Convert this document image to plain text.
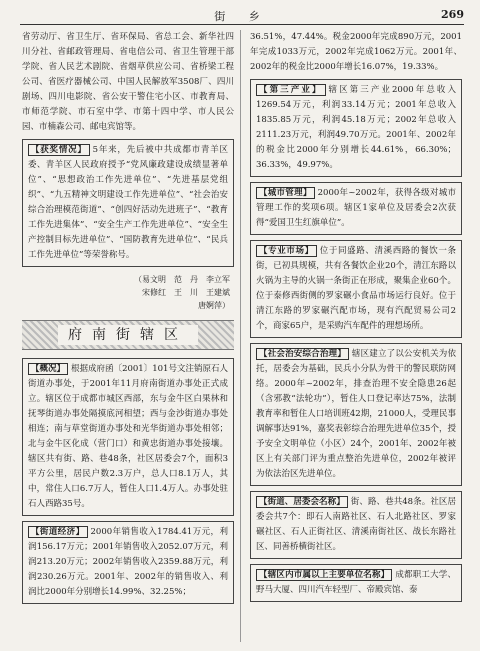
街 乡	269

省劳动厅、省卫生厅、省环保局、省总工会、新华社四川分社、省邮政管理局、省电信公司、省卫生管理干部学院、省人民艺术剧院、省烟草供应公司、省桥梁工程公司、省医疗器械公司、中国人民解放军3508厂、四川剧场、四川电影院、省公安干警住宅小区、市教育局、市师范学院、市石室中学、市第十四中学、市人民公园、市楠森公司、邮电宾馆等。

【获奖情况】 5年来，先后被中共成都市青羊区委、青羊区人民政府授予“党风廉政建设成绩显著单位”、“思想政治工作先进单位”、“先进基层党组织”、“九五精神文明建设工作先进单位”、“社会治安综合治理模范街道”、“创四好活动先进班子”、“教育工作先进集体”、“安全生产工作先进单位”、“安全生产控制目标先进单位”、“国防教育先进单位”、“民兵工作先进单位”等荣誉称号。

（易文明　范　丹　李立军
宋修红　王　川　王建斌
唐婀萍）
府南街辖区

【概况】 根据成府函〔2001〕101号文注销原石人街道办事处，于2001年11月府南街道办事处正式成立。辖区位于成都市城区西部，东与金牛区白果林和抚琴街道办事处隔摸底河相望；西与金沙街道办事处相连；南与草堂街道办事处和光华街道办事处相邻；北与金牛区化成（营门口）和黄忠街道办事处接壤。辖区共有街、路、巷48条，社区居委会7个，面积3平方公里，居民户数2.3万户，总人口8.1万人，其中，常住人口6.7万人，暂住人口1.4万人。办事处驻石人西路35号。

【街道经济】 2000年销售收入1784.41万元，利润156.17万元；2001年销售收入2052.07万元，利润213.20万元；2002年销售收入2359.88万元，利润230.26万元。2001年、2002年的销售收入、利润比2000年分别增长14.99%、32.25%；

36.51%，47.44%。税金2000年完成890万元，2001年完成1033万元，2002年完成1062万元。2001年、2002年的税金比2000年增长16.07%，19.33%。

【第三产业】 辖区第三产业2000年总收入1269.54万元，利润33.14万元；2001年总收入1835.85万元，利润45.18万元；2002年总收入2111.23万元，利润49.70万元。2001年、2002年的税金比2000年分别增长44.61%，66.30%；36.33%，49.97%。

【城市管理】 2000年~2002年，获得各级对城市管理工作的奖项6项。辖区1家单位及居委会2次获得“爱国卫生红旗单位”。

【专业市场】 位于同盛路、清溪西路的餐饮一条街，已初具规模，共有各餐饮企业20个，清江东路以火锅为主导的火锅一条街正在形成，聚集企业60个。位于泰修西街侧的罗家碾小食品市场运行良好。位于清江东路的罗家碾汽配市场，现有汽配贸易公司2个，商家65户，是采购汽车配件的理想场所。

【社会治安综合治理】 辖区建立了以公安机关为依托，居委会为基础，民兵小分队为骨干的警民联防网络。2000年~2002年，排查治理不安全隐患26起（含邪教“法轮功”），暂住人口登记率达75%，法制教育率和暂住人口培训班42期，21000人，受理民事调解事达91%，嘉奖表彰综合治理先进单位35个，授予安全文明单位（小区）24个，2001年、2002年被区上有关部门评为重点整治先进单位，2002年被评为依法治区先进单位。

【街道、居委会名称】 街、路、巷共48条。社区居委会共7个：即石人南路社区、石人北路社区、罗家碾社区、石人正街社区、清溪南街社区、战长东路社区、同善桥横街社区。

【辖区内市属以上主要单位名称】 成都职工大学、野马大厦、四川汽车轻型厂、帝殿宾馆、泰
